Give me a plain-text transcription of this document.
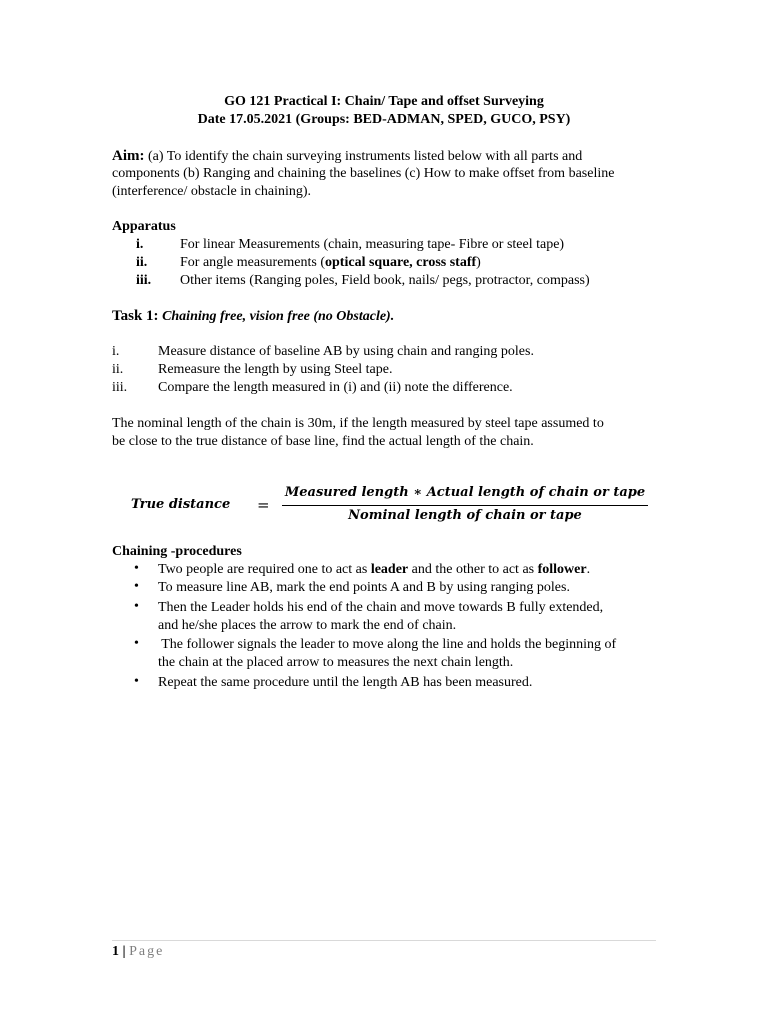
GO 121 Practical I: Chain/ Tape and offset Surveying
Date 17.05.2021 (Groups: BED-ADMAN, SPED, GUCO, PSY)
Aim: (a) To identify the chain surveying instruments listed below with all parts and
components (b) Ranging and chaining the baselines (c) How to make offset from baseline
(interference/ obstacle in chaining).
Apparatus
i.	For linear Measurements (chain, measuring tape- Fibre or steel tape)
ii. For angle measurements (optical square, cross staff)
iii. Other items (Ranging poles, Field book, nails/ pegs, protractor, compass)
Task 1: Chaining free, vision free (no Obstacle).
i.	Measure distance of baseline AB by using chain and ranging poles.
ii. Remeasure the length by using Steel tape.
iii. Compare the length measured in (i) and (ii) note the difference.
The nominal length of the chain is 30m, if the length measured by steel tape assumed to
be close to the true distance of base line, find the actual length of the chain.
True distance =
Measured length ∗ Actual length of chain or tape
Nominal length of chain or tape
Chaining -procedures
• Two people are required one to act as leader and the other to act as follower.
• To measure line AB, mark the end points A and B by using ranging poles.
• Then the Leader holds his end of the chain and move towards B fully extended,
and he/she places the arrow to mark the end of chain.
• The follower signals the leader to move along the line and holds the beginning of
the chain at the placed arrow to measures the next chain length.
• Repeat the same procedure until the length AB has been measured.
1 | Page
